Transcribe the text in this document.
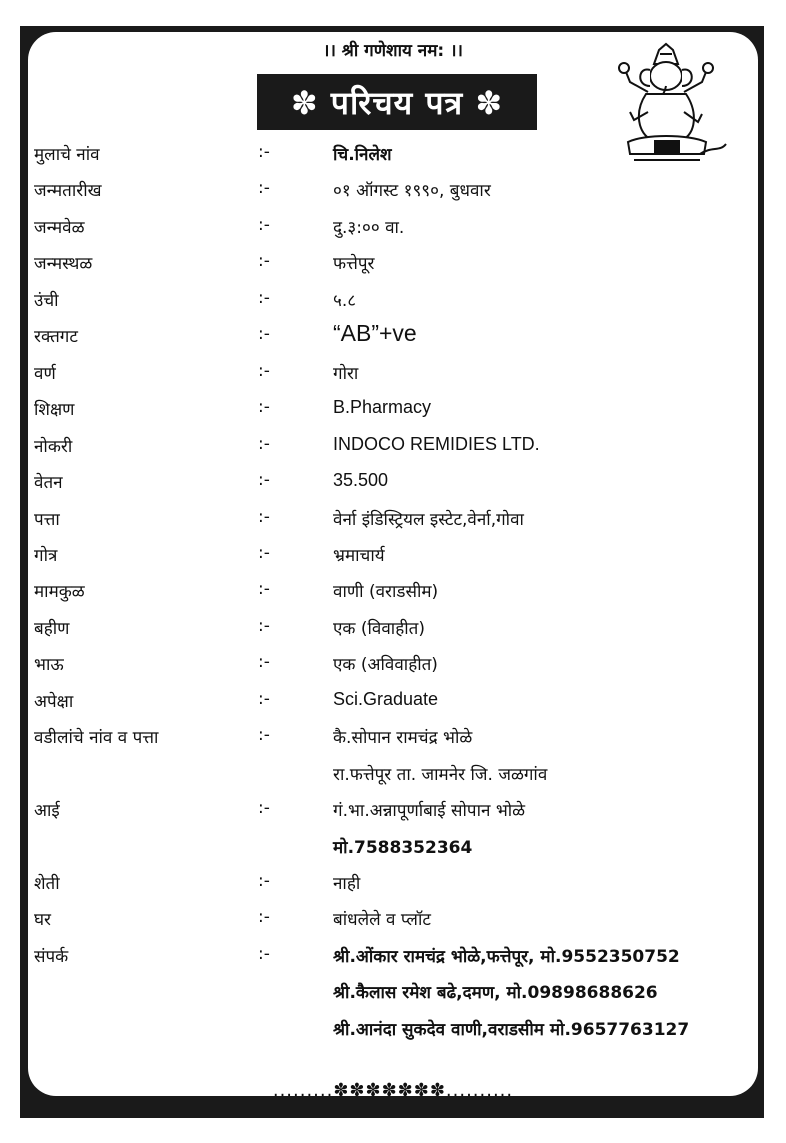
।। श्री गणेशाय नम: ।।
✽ परिचय पत्र ✽
मुलाचे नांव	:-	चि.निलेश
जन्मतारीख	:-	०१ ऑगस्ट १९९०, बुधवार
जन्मवेळ	:-	दु.३:०० वा.
जन्मस्थळ	:-	फत्तेपूर
उंची	:-	५.८
रक्तगट	:-	“AB”+ve
वर्ण	:-	गोरा
शिक्षण	:-	B.Pharmacy
नोकरी	:-	INDOCO REMIDIES LTD.
वेतन	:-	35.500
पत्ता	:-	वेर्ना इंडिस्ट्रियल इस्टेट,वेर्ना,गोवा
गोत्र	:-	भ्रमाचार्य
मामकुळ	:-	वाणी (वराडसीम)
बहीण	:-	एक (विवाहीत)
भाऊ	:-	एक (अविवाहीत)
अपेक्षा	:-	Sci.Graduate
वडीलांचे नांव व पत्ता	:-	कै.सोपान रामचंद्र भोळे
रा.फत्तेपूर ता. जामनेर जि. जळगांव
आई	:-	गं.भा.अन्नापूर्णाबाई सोपान भोळे
मो.7588352364
शेती	:-	नाही
घर	:-	बांधलेले व प्लॉट
संपर्क	:-	श्री.ओंकार रामचंद्र भोळे,फत्तेपूर, मो.9552350752
श्री.कैलास रमेश बढे,दमण, मो.09898688626
श्री.आनंदा सुकदेव वाणी,वराडसीम मो.9657763127
.........✽✽✽✽✽✽✽..........
